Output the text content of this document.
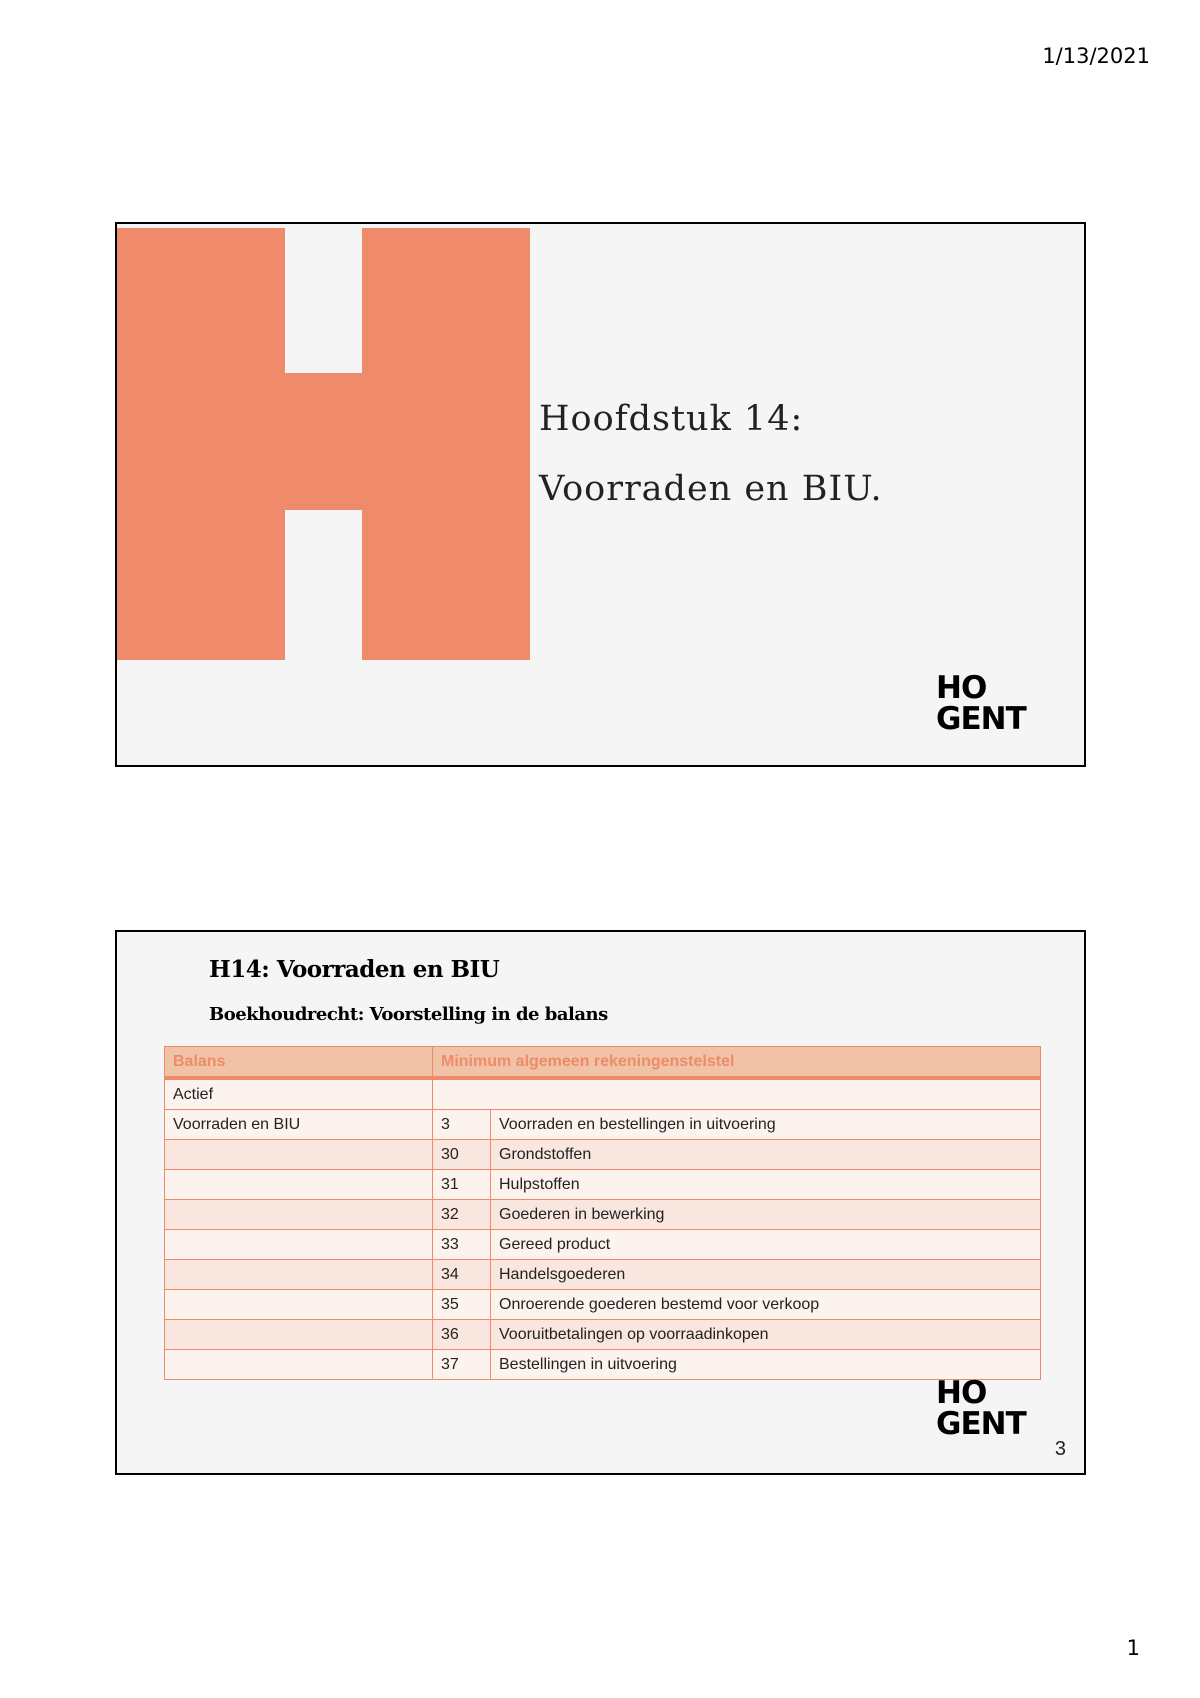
1/13/2021
Hoofdstuk 14:
Voorraden en BIU.
HO
GENT
H14: Voorraden en BIU
Boekhoudrecht: Voorstelling in de balans
Balans	Minimum algemeen rekeningenstelstel	
Actief		
Voorraden en BIU	3	Voorraden en bestellingen in uitvoering
	30	Grondstoffen
	31	Hulpstoffen
	32	Goederen in bewerking
	33	Gereed product
	34	Handelsgoederen
	35	Onroerende goederen bestemd voor verkoop
	36	Vooruitbetalingen op voorraadinkopen
	37	Bestellingen in uitvoering
HO
GENT
3
1
